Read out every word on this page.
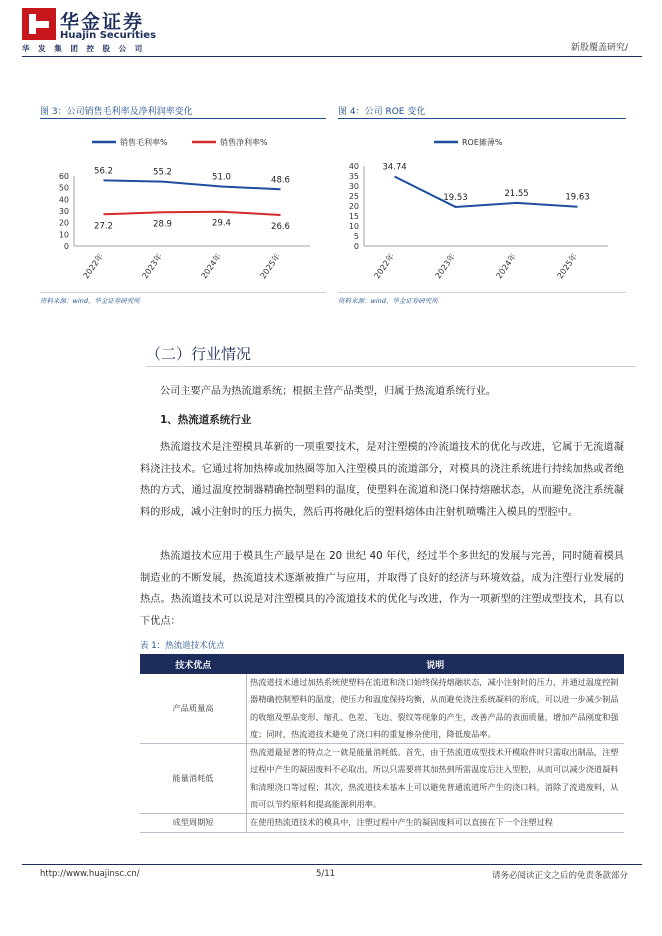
华金证券
Huajin Securities
华 发 集 团 控 股 公 司	新股覆盖研究/
图 3：公司销售毛利率及净利润率变化
0
10
20
30
40
50
60
2022年	2023年	2024年	2025年
销售毛利率%	销售净利率%
56.2	55.2	51.0	48.6
27.2	28.9	29.4	26.6
资料来源：wind、华金证券研究所
图 4：公司 ROE 变化
0
5
10
15
20
25
30
35
40
2022年	2023年	2024年	2025年
ROE摊薄%
34.74
19.53	21.55	19.63
资料来源：wind、华金证券研究所
（二）行业情况
公司主要产品为热流道系统；根据主营产品类型，归属于热流道系统行业。
1、热流道系统行业
热流道技术是注塑模具革新的一项重要技术，是对注塑模的冷流道技术的优化与改进，它属于无流道凝料浇注技术。它通过将加热棒或加热圈等加入注塑模具的流道部分，对模具的浇注系统进行持续加热或者绝热的方式，通过温度控制器精确控制塑料的温度，使塑料在流道和浇口保持熔融状态，从而避免浇注系统凝料的形成，减小注射时的压力损失，然后再将融化后的塑料熔体由注射机喷嘴注入模具的型腔中。
热流道技术应用于模具生产最早是在 20 世纪 40 年代，经过半个多世纪的发展与完善，同时随着模具制造业的不断发展，热流道技术逐渐被推广与应用，并取得了良好的经济与环境效益，成为注塑行业发展的热点。热流道技术可以说是对注塑模具的冷流道技术的优化与改进，作为一项新型的注塑成型技术，具有以下优点：
表 1：热流道技术优点
技术优点	说明
产品质量高	热流道技术通过加热系统使塑料在流道和浇口始终保持熔融状态，减小注射时的压力，并通过温度控制器精确控制塑料的温度，使压力和温度保持均衡，从而避免浇注系统凝料的形成，可以进一步减少制品的收缩及塑品变形、缩孔、色差、飞边、裂纹等现象的产生，改善产品的表面质量，增加产品刚度和强度；同时，热流道技术避免了浇口料的重复掺杂使用，降低废品率。
能量消耗低	热流道最显著的特点之一就是能量消耗低。首先，由于热流道成型技术开模取件时只需取出制品，注塑过程中产生的凝固废料不必取出，所以只需要将其加热到所需温度后注入型腔，从而可以减少浇道凝料和清理浇口等过程；其次，热流道技术基本上可以避免普通流道所产生的浇口料，消除了流道废料，从而可以节约原料和提高能源利用率。
成型周期短	在使用热流道技术的模具中，注塑过程中产生的凝固废料可以直接在下一个注塑过程
http://www.huajinsc.cn/	5/11	请务必阅读正文之后的免责条款部分
